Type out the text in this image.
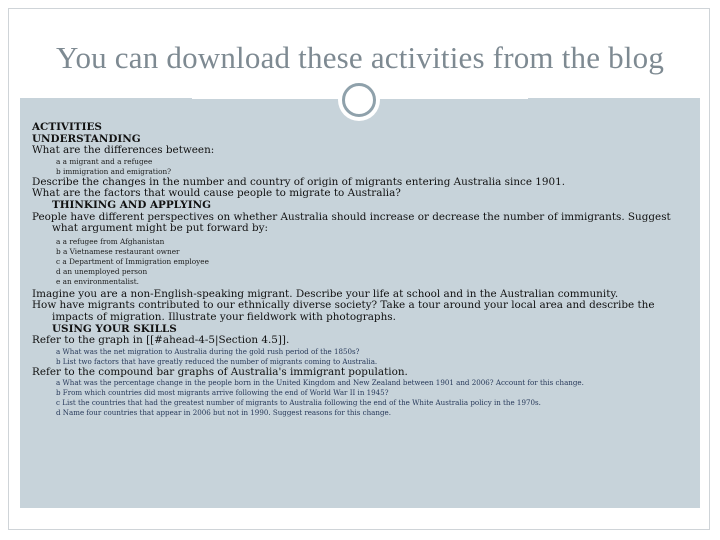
You can download these activities from the blog
ACTIVITIES
UNDERSTANDING
What are the differences between:
a a migrant and a refugee
b immigration and emigration?
Describe the changes in the number and country of origin of migrants entering Australia since 1901.
What are the factors that would cause people to migrate to Australia?
THINKING AND APPLYING
People have different perspectives on whether Australia should increase or decrease the number of immigrants. Suggest what argument might be put forward by:
a a refugee from Afghanistan
b a Vietnamese restaurant owner
c a Department of Immigration employee
d an unemployed person
e an environmentalist.
Imagine you are a non-English-speaking migrant. Describe your life at school and in the Australian community.
How have migrants contributed to our ethnically diverse society? Take a tour around your local area and describe the impacts of migration. Illustrate your fieldwork with photographs.
USING YOUR SKILLS
Refer to the graph in [[#ahead-4-5|Section 4.5]].
a What was the net migration to Australia during the gold rush period of the 1850s?
b List two factors that have greatly reduced the number of migrants coming to Australia.
Refer to the compound bar graphs of Australia's immigrant population.
a What was the percentage change in the people born in the United Kingdom and New Zealand between 1901 and 2006? Account for this change.
b From which countries did most migrants arrive following the end of World War II in 1945?
c List the countries that had the greatest number of migrants to Australia following the end of the White Australia policy in the 1970s.
d Name four countries that appear in 2006 but not in 1990. Suggest reasons for this change.
